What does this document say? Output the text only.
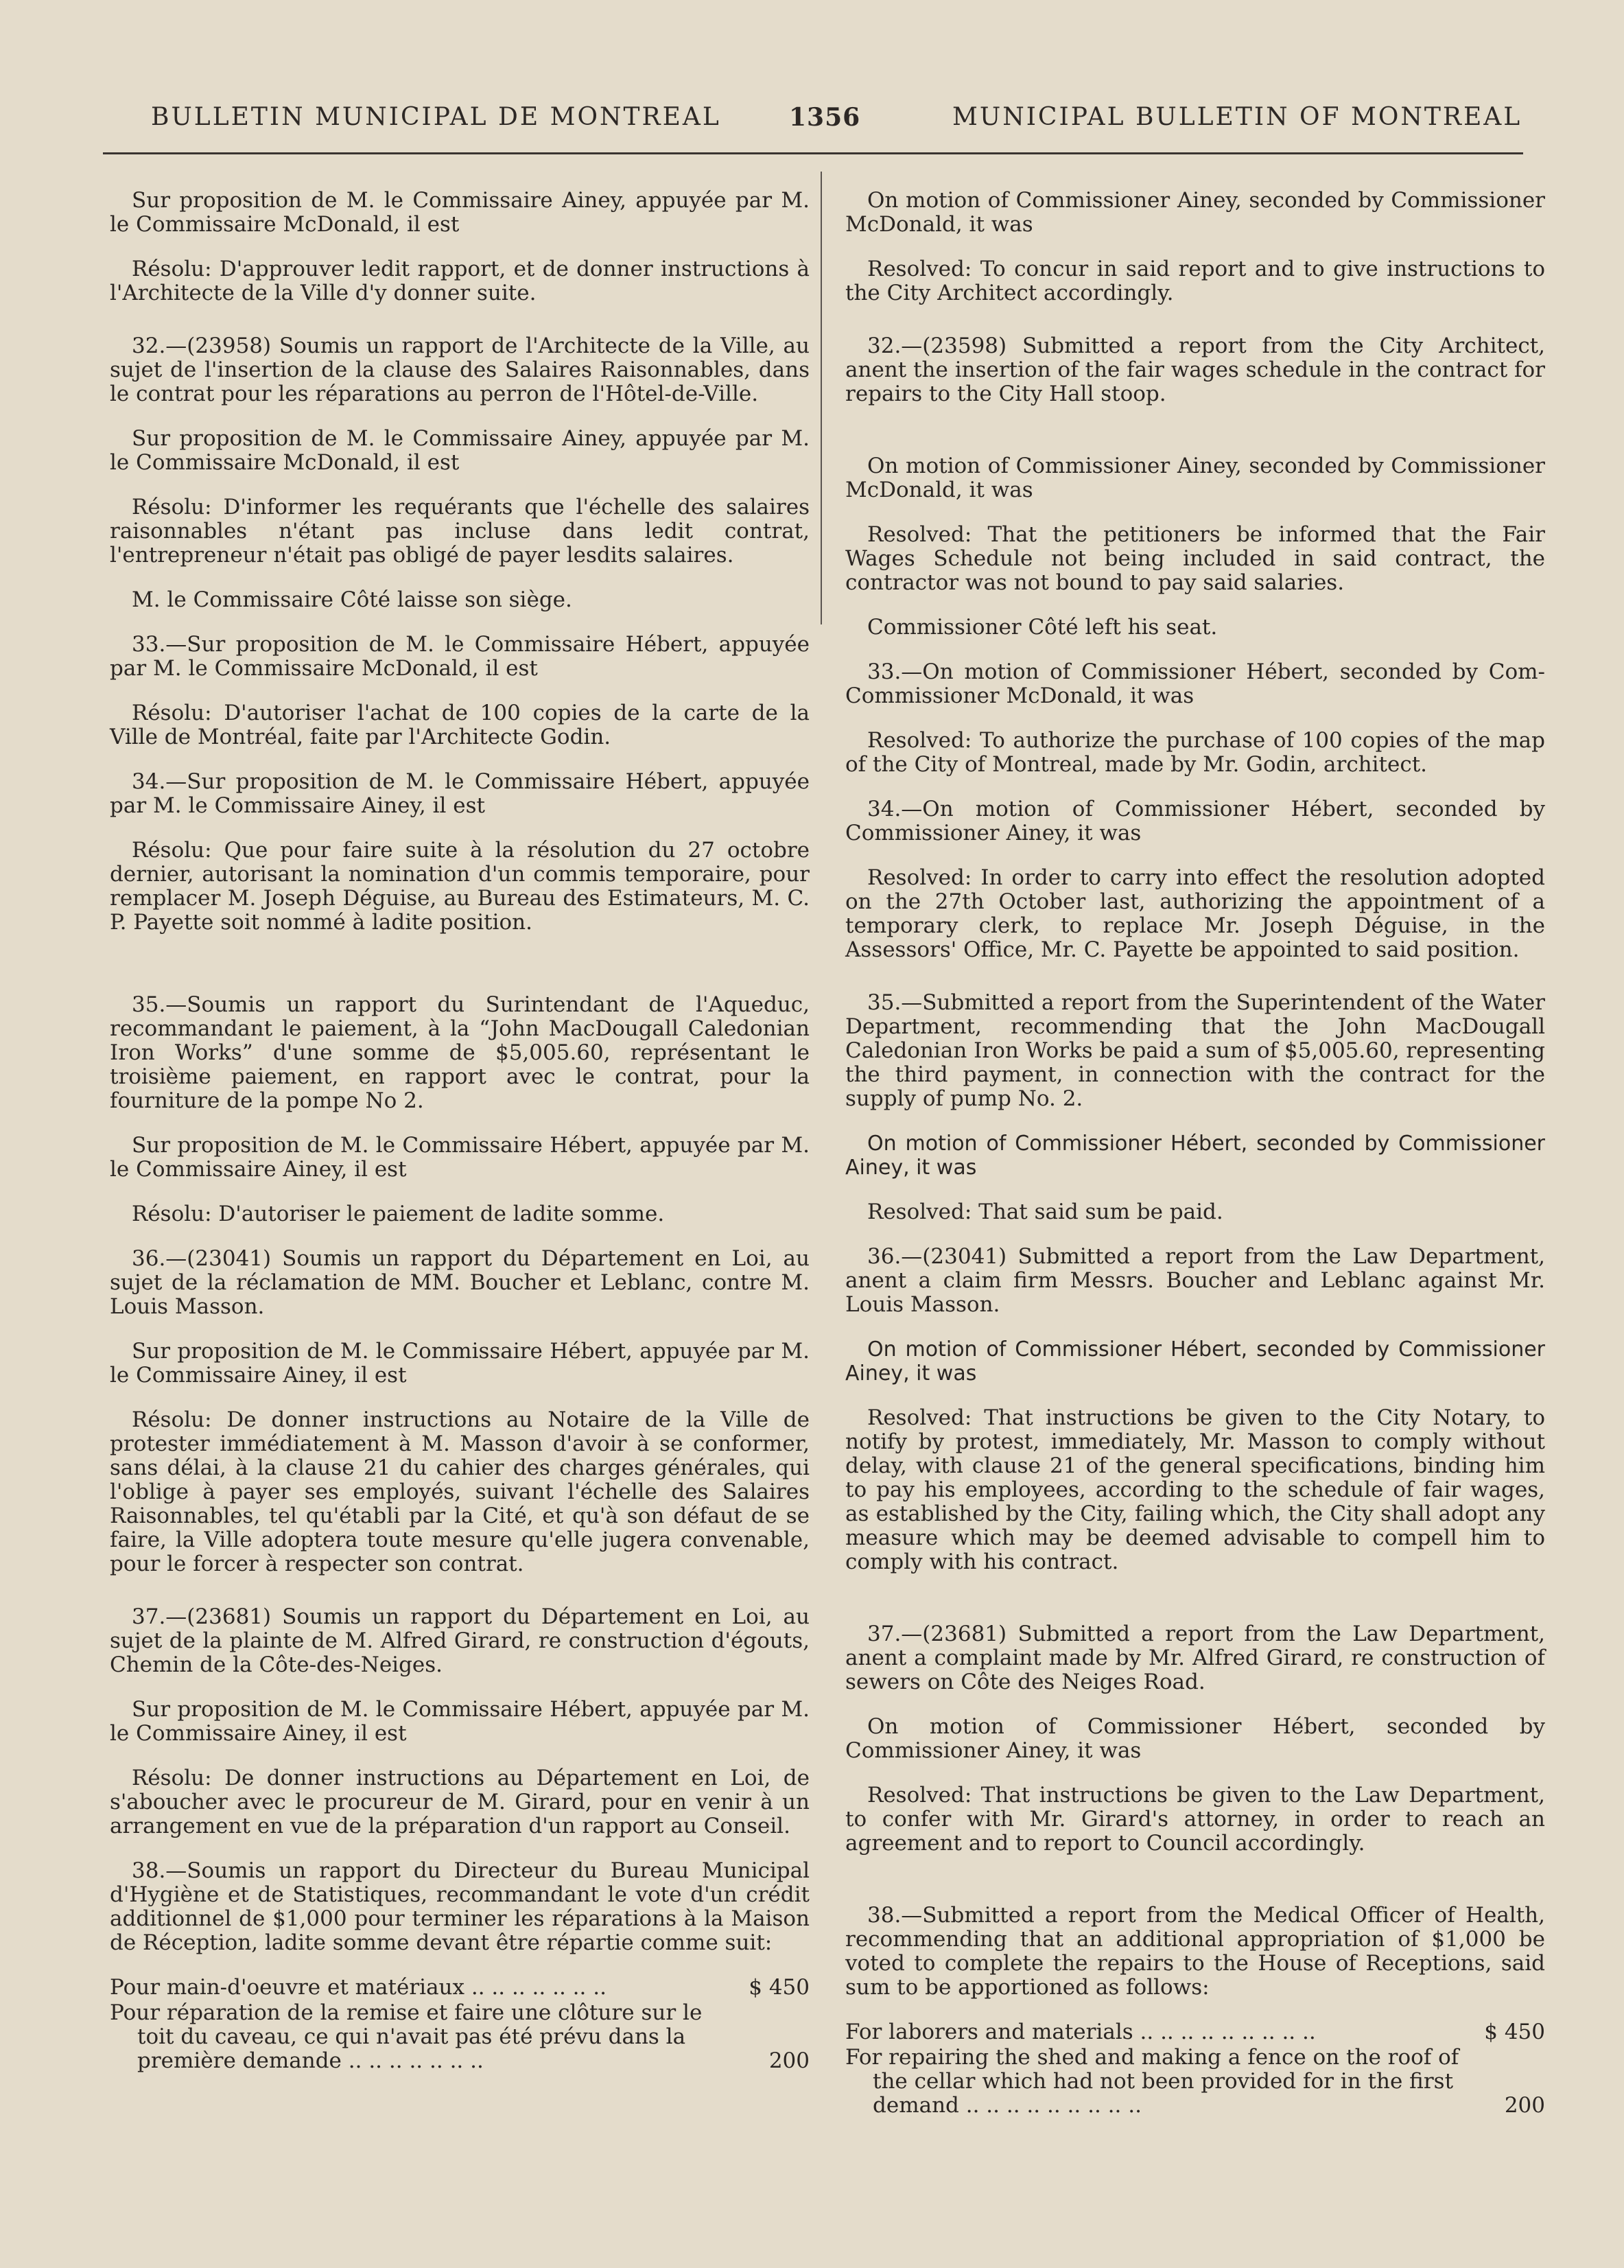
BULLETIN MUNICIPAL DE MONTREAL	1356	MUNICIPAL BULLETIN OF MONTREAL

Sur proposition de M. le Commissaire Ainey, appuyée par M. le Commissaire McDonald, il est

Résolu: D'approuver ledit rapport, et de donner instructions à l'Architecte de la Ville d'y donner suite.

32.—(23958) Soumis un rapport de l'Architecte de la Ville, au sujet de l'insertion de la clause des Salaires Raisonnables, dans le contrat pour les réparations au perron de l'Hôtel-de-Ville.

Sur proposition de M. le Commissaire Ainey, appuyée par M. le Commissaire McDonald, il est

Résolu: D'informer les requérants que l'échelle des salaires raisonnables n'étant pas incluse dans ledit contrat, l'entrepreneur n'était pas obligé de payer lesdits salaires.

M. le Commissaire Côté laisse son siège.

33.—Sur proposition de M. le Commissaire Hébert, appuyée par M. le Commissaire McDonald, il est

Résolu: D'autoriser l'achat de 100 copies de la carte de la Ville de Montréal, faite par l'Architecte Godin.

34.—Sur proposition de M. le Commissaire Hébert, appuyée par M. le Commissaire Ainey, il est

Résolu: Que pour faire suite à la résolution du 27 octobre dernier, autorisant la nomination d'un commis temporaire, pour remplacer M. Joseph Déguise, au Bureau des Estimateurs, M. C. P. Payette soit nommé à ladite position.

35.—Soumis un rapport du Surintendant de l'Aqueduc, recommandant le paiement, à la “John MacDougall Caledonian Iron Works” d'une somme de $5,005.60, représentant le troisième paiement, en rapport avec le contrat, pour la fourniture de la pompe No 2.

Sur proposition de M. le Commissaire Hébert, appuyée par M. le Commissaire Ainey, il est

Résolu: D'autoriser le paiement de ladite somme.

36.—(23041) Soumis un rapport du Département en Loi, au sujet de la réclamation de MM. Boucher et Leblanc, contre M. Louis Masson.

Sur proposition de M. le Commissaire Hébert, appuyée par M. le Commissaire Ainey, il est

Résolu: De donner instructions au Notaire de la Ville de protester immédiatement à M. Masson d'avoir à se conformer, sans délai, à la clause 21 du cahier des charges générales, qui l'oblige à payer ses employés, suivant l'échelle des Salaires Raisonnables, tel qu'établi par la Cité, et qu'à son défaut de se faire, la Ville adoptera toute mesure qu'elle jugera convenable, pour le forcer à respecter son contrat.

37.—(23681) Soumis un rapport du Département en Loi, au sujet de la plainte de M. Alfred Girard, re construction d'égouts, Chemin de la Côte-des-Neiges.

Sur proposition de M. le Commissaire Hébert, appuyée par M. le Commissaire Ainey, il est

Résolu: De donner instructions au Département en Loi, de s'aboucher avec le procureur de M. Girard, pour en venir à un arrangement en vue de la préparation d'un rapport au Conseil.

38.—Soumis un rapport du Directeur du Bureau Municipal d'Hygiène et de Statistiques, recommandant le vote d'un crédit additionnel de $1,000 pour terminer les réparations à la Maison de Réception, ladite somme devant être répartie comme suit:

Pour main-d'oeuvre et matériaux .. .. .. .. .. .. ..	$ 450
Pour réparation de la remise et faire une clôture sur le toit du caveau, ce qui n'avait pas été prévu dans la première demande .. .. .. .. .. .. ..	200

On motion of Commissioner Ainey, seconded by Commissioner McDonald, it was

Resolved: To concur in said report and to give instructions to the City Architect accordingly.

32.—(23598) Submitted a report from the City Architect, anent the insertion of the fair wages schedule in the contract for repairs to the City Hall stoop.

On motion of Commissioner Ainey, seconded by Commissioner McDonald, it was

Resolved: That the petitioners be informed that the Fair Wages Schedule not being included in said contract, the contractor was not bound to pay said salaries.

Commissioner Côté left his seat.

33.—On motion of Commissioner Hébert, seconded by Com-Commissioner McDonald, it was

Resolved: To authorize the purchase of 100 copies of the map of the City of Montreal, made by Mr. Godin, architect.

34.—On motion of Commissioner Hébert, seconded by Commissioner Ainey, it was

Resolved: In order to carry into effect the resolution adopted on the 27th October last, authorizing the appointment of a temporary clerk, to replace Mr. Joseph Déguise, in the Assessors' Office, Mr. C. Payette be appointed to said position.

35.—Submitted a report from the Superintendent of the Water Department, recommending that the John MacDougall Caledonian Iron Works be paid a sum of $5,005.60, representing the third payment, in connection with the contract for the supply of pump No. 2.

On motion of Commissioner Hébert, seconded by Commissioner Ainey, it was

Resolved: That said sum be paid.

36.—(23041) Submitted a report from the Law Department, anent a claim firm Messrs. Boucher and Leblanc against Mr. Louis Masson.

On motion of Commissioner Hébert, seconded by Commissioner Ainey, it was

Resolved: That instructions be given to the City Notary, to notify by protest, immediately, Mr. Masson to comply without delay, with clause 21 of the general specifications, binding him to pay his employees, according to the schedule of fair wages, as established by the City, failing which, the City shall adopt any measure which may be deemed advisable to compell him to comply with his contract.

37.—(23681) Submitted a report from the Law Department, anent a complaint made by Mr. Alfred Girard, re construction of sewers on Côte des Neiges Road.

On motion of Commissioner Hébert, seconded by Commissioner Ainey, it was

Resolved: That instructions be given to the Law Department, to confer with Mr. Girard's attorney, in order to reach an agreement and to report to Council accordingly.

38.—Submitted a report from the Medical Officer of Health, recommending that an additional appropriation of $1,000 be voted to complete the repairs to the House of Receptions, said sum to be apportioned as follows:

For laborers and materials .. .. .. .. .. .. .. .. ..	$ 450
For repairing the shed and making a fence on the roof of the cellar which had not been provided for in the first demand .. .. .. .. .. .. .. .. ..	200
